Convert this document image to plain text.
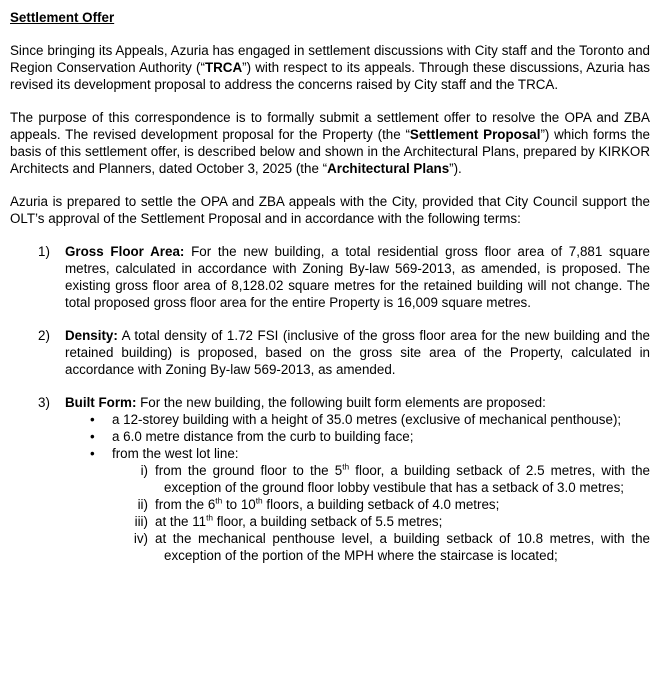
Settlement Offer

Since bringing its Appeals, Azuria has engaged in settlement discussions with City staff and the Toronto and Region Conservation Authority (“TRCA”) with respect to its appeals. Through these discussions, Azuria has revised its development proposal to address the concerns raised by City staff and the TRCA.

The purpose of this correspondence is to formally submit a settlement offer to resolve the OPA and ZBA appeals. The revised development proposal for the Property (the “Settlement Proposal”) which forms the basis of this settlement offer, is described below and shown in the Architectural Plans, prepared by KIRKOR Architects and Planners, dated October 3, 2025 (the “Architectural Plans”).

Azuria is prepared to settle the OPA and ZBA appeals with the City, provided that City Council support the OLT’s approval of the Settlement Proposal and in accordance with the following terms:

1)	Gross Floor Area: For the new building, a total residential gross floor area of 7,881 square metres, calculated in accordance with Zoning By-law 569-2013, as amended, is proposed. The existing gross floor area of 8,128.02 square metres for the retained building will not change. The total proposed gross floor area for the entire Property is 16,009 square metres.
2)	Density: A total density of 1.72 FSI (inclusive of the gross floor area for the new building and the retained building) is proposed, based on the gross site area of the Property, calculated in accordance with Zoning By-law 569-2013, as amended.
3)	Built Form: For the new building, the following built form elements are proposed:
•	a 12-storey building with a height of 35.0 metres (exclusive of mechanical penthouse);
•	a 6.0 metre distance from the curb to building face;
•	from the west lot line:
i) from the ground floor to the 5th floor, a building setback of 2.5 metres, with the exception of the ground floor lobby vestibule that has a setback of 3.0 metres;
ii) from the 6th to 10th floors, a building setback of 4.0 metres;
iii) at the 11th floor, a building setback of 5.5 metres;
iv) at the mechanical penthouse level, a building setback of 10.8 metres, with the exception of the portion of the MPH where the staircase is located;
